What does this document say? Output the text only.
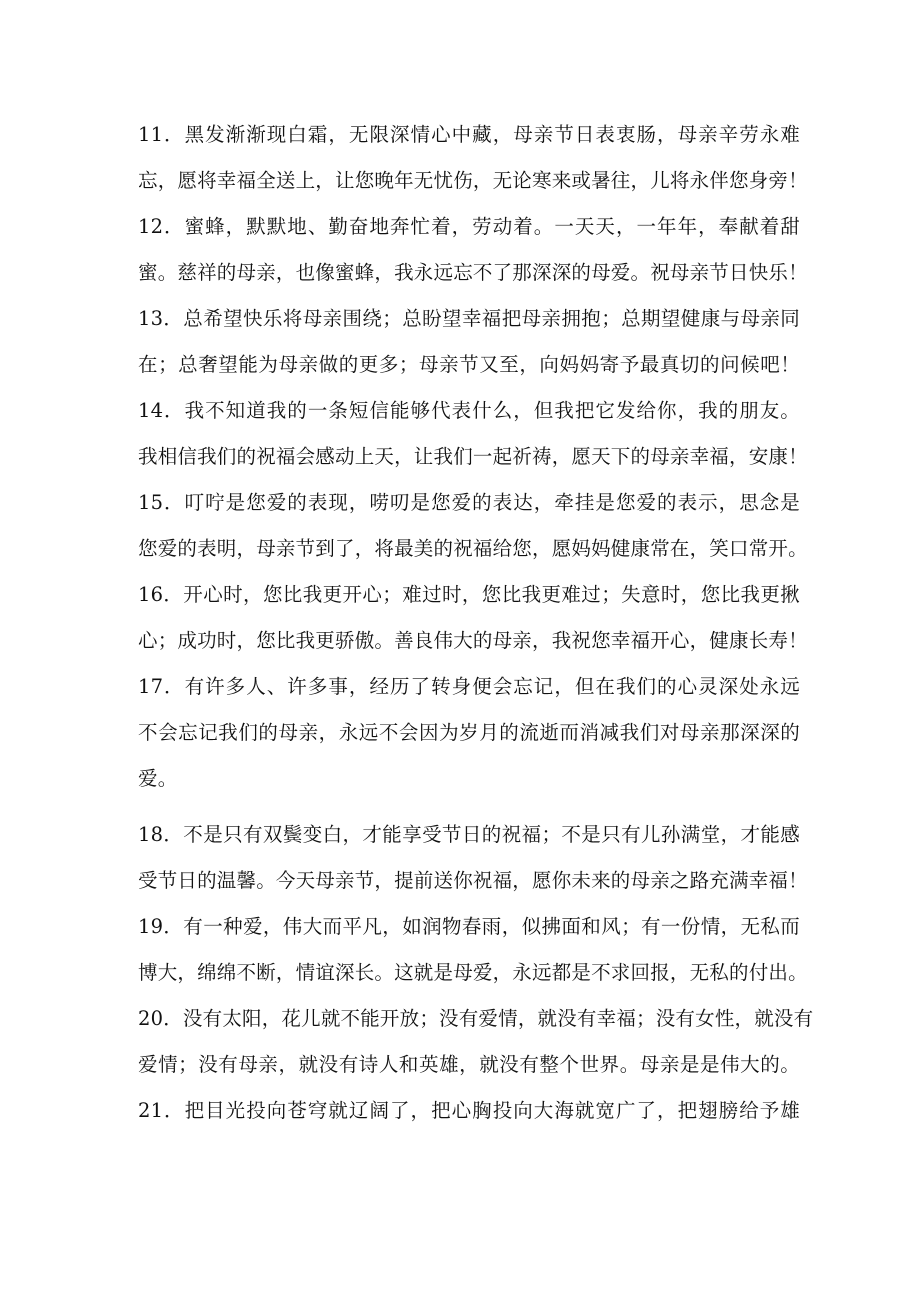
11．黑发渐渐现白霜，无限深情心中藏，母亲节日表衷肠，母亲辛劳永难
忘，愿将幸福全送上，让您晚年无忧伤，无论寒来或暑往，儿将永伴您身旁！

12．蜜蜂，默默地、勤奋地奔忙着，劳动着。一天天，一年年，奉献着甜
蜜。慈祥的母亲，也像蜜蜂，我永远忘不了那深深的母爱。祝母亲节日快乐！

13．总希望快乐将母亲围绕；总盼望幸福把母亲拥抱；总期望健康与母亲同
在；总奢望能为母亲做的更多；母亲节又至，向妈妈寄予最真切的问候吧！

14．我不知道我的一条短信能够代表什么，但我把它发给你，我的朋友。
我相信我们的祝福会感动上天，让我们一起祈祷，愿天下的母亲幸福，安康！

15．叮咛是您爱的表现，唠叨是您爱的表达，牵挂是您爱的表示，思念是
您爱的表明，母亲节到了，将最美的祝福给您，愿妈妈健康常在，笑口常开。

16．开心时，您比我更开心；难过时，您比我更难过；失意时，您比我更揪
心；成功时，您比我更骄傲。善良伟大的母亲，我祝您幸福开心，健康长寿！

17．有许多人、许多事，经历了转身便会忘记，但在我们的心灵深处永远
不会忘记我们的母亲，永远不会因为岁月的流逝而消减我们对母亲那深深的
爱。

18．不是只有双鬓变白，才能享受节日的祝福；不是只有儿孙满堂，才能感
受节日的温馨。今天母亲节，提前送你祝福，愿你未来的母亲之路充满幸福！

19．有一种爱，伟大而平凡，如润物春雨，似拂面和风；有一份情，无私而
博大，绵绵不断，情谊深长。这就是母爱，永远都是不求回报，无私的付出。

20．没有太阳，花儿就不能开放；没有爱情，就没有幸福；没有女性，就没有
爱情；没有母亲，就没有诗人和英雄，就没有整个世界。母亲是是伟大的。

21．把目光投向苍穹就辽阔了，把心胸投向大海就宽广了，把翅膀给予雄
